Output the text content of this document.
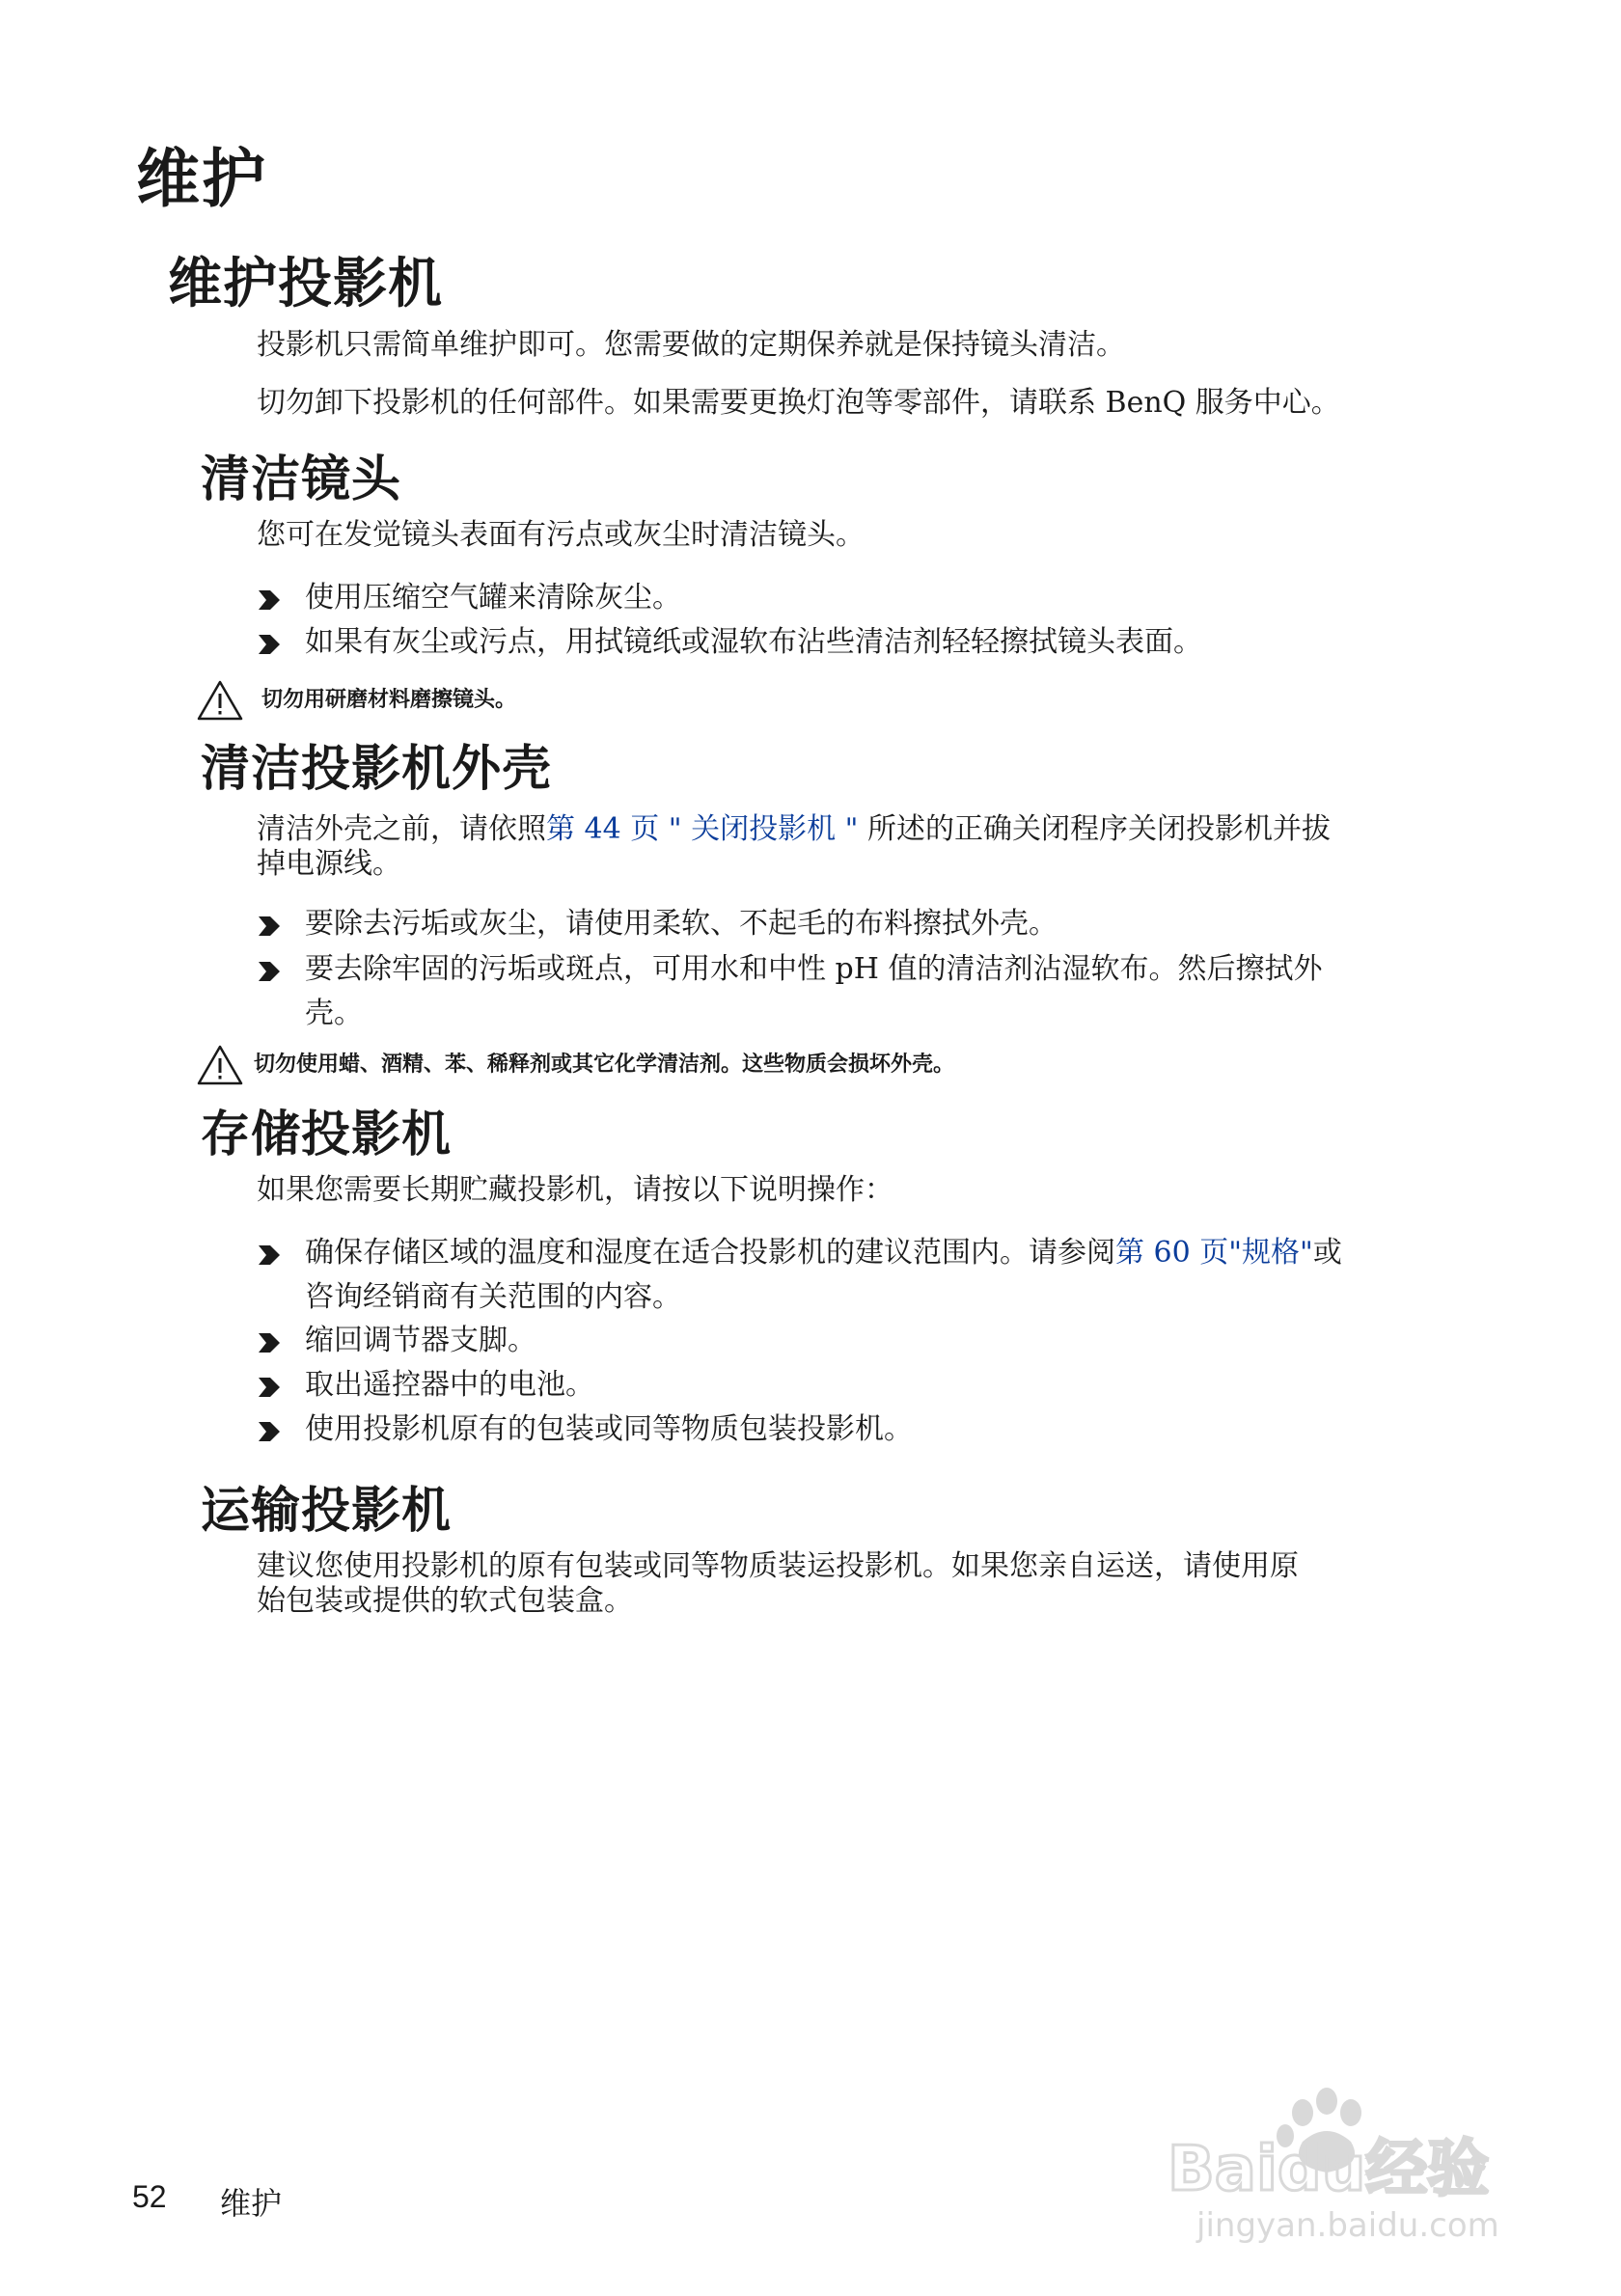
维护
维护投影机
投影机只需简单维护即可。您需要做的定期保养就是保持镜头清洁。
切勿卸下投影机的任何部件。如果需要更换灯泡等零部件，请联系 BenQ 服务中心。
清洁镜头
您可在发觉镜头表面有污点或灰尘时清洁镜头。
使用压缩空气罐来清除灰尘。
如果有灰尘或污点，用拭镜纸或湿软布沾些清洁剂轻轻擦拭镜头表面。
切勿用研磨材料磨擦镜头。
清洁投影机外壳
清洁外壳之前，请依照第 44 页 " 关闭投影机 " 所述的正确关闭程序关闭投影机并拔
掉电源线。
要除去污垢或灰尘，请使用柔软、不起毛的布料擦拭外壳。
要去除牢固的污垢或斑点，可用水和中性 pH 值的清洁剂沾湿软布。然后擦拭外
壳。
切勿使用蜡、酒精、苯、稀释剂或其它化学清洁剂。这些物质会损坏外壳。
存储投影机
如果您需要长期贮藏投影机，请按以下说明操作：
确保存储区域的温度和湿度在适合投影机的建议范围内。请参阅第 60 页"规格"或
咨询经销商有关范围的内容。
缩回调节器支脚。
取出遥控器中的电池。
使用投影机原有的包装或同等物质包装投影机。
运输投影机
建议您使用投影机的原有包装或同等物质装运投影机。如果您亲自运送，请使用原
始包装或提供的软式包装盒。
52 维护	Baidu经验
jingyan.baidu.com
